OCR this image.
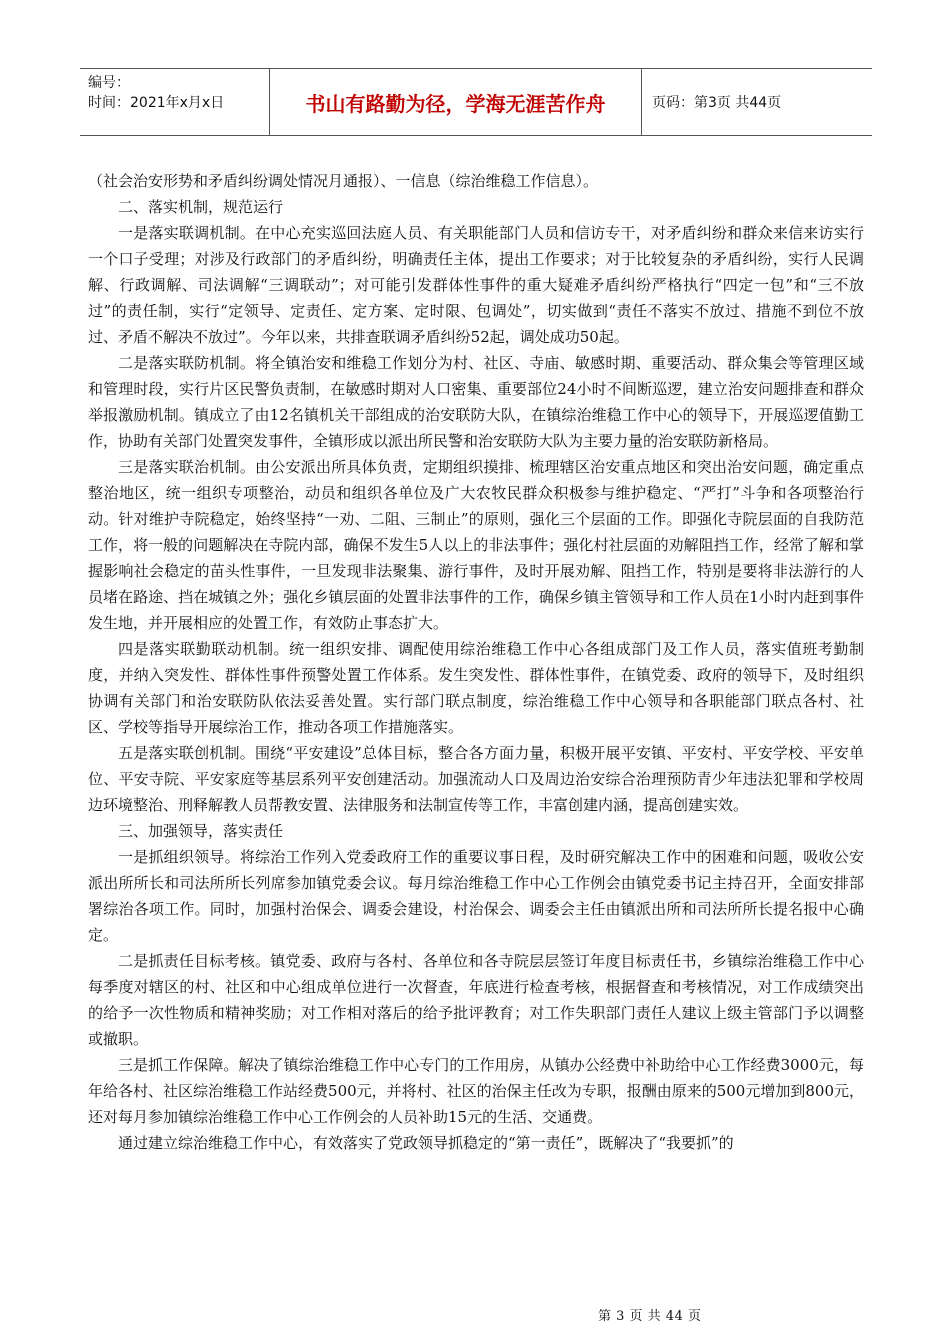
编号：
时间：2021年x月x日	书山有路勤为径，学海无涯苦作舟	页码：第3页 共44页

（社会治安形势和矛盾纠纷调处情况月通报）、一信息（综治维稳工作信息）。

二、落实机制，规范运行

一是落实联调机制。在中心充实巡回法庭人员、有关职能部门人员和信访专干，对矛盾纠纷和群众来信来访实行一个口子受理；对涉及行政部门的矛盾纠纷，明确责任主体，提出工作要求；对于比较复杂的矛盾纠纷，实行人民调解、行政调解、司法调解“三调联动”；对可能引发群体性事件的重大疑难矛盾纠纷严格执行“四定一包”和“三不放过”的责任制，实行“定领导、定责任、定方案、定时限、包调处”，切实做到“责任不落实不放过、措施不到位不放过、矛盾不解决不放过”。今年以来，共排查联调矛盾纠纷52起，调处成功50起。

二是落实联防机制。将全镇治安和维稳工作划分为村、社区、寺庙、敏感时期、重要活动、群众集会等管理区域和管理时段，实行片区民警负责制，在敏感时期对人口密集、重要部位24小时不间断巡逻，建立治安问题排查和群众举报激励机制。镇成立了由12名镇机关干部组成的治安联防大队，在镇综治维稳工作中心的领导下，开展巡逻值勤工作，协助有关部门处置突发事件，全镇形成以派出所民警和治安联防大队为主要力量的治安联防新格局。

三是落实联治机制。由公安派出所具体负责，定期组织摸排、梳理辖区治安重点地区和突出治安问题，确定重点整治地区，统一组织专项整治，动员和组织各单位及广大农牧民群众积极参与维护稳定、“严打”斗争和各项整治行动。针对维护寺院稳定，始终坚持“一劝、二阻、三制止”的原则，强化三个层面的工作。即强化寺院层面的自我防范工作，将一般的问题解决在寺院内部，确保不发生5人以上的非法事件；强化村社层面的劝解阻挡工作，经常了解和掌握影响社会稳定的苗头性事件，一旦发现非法聚集、游行事件，及时开展劝解、阻挡工作，特别是要将非法游行的人员堵在路途、挡在城镇之外；强化乡镇层面的处置非法事件的工作，确保乡镇主管领导和工作人员在1小时内赶到事件发生地，并开展相应的处置工作，有效防止事态扩大。

四是落实联勤联动机制。统一组织安排、调配使用综治维稳工作中心各组成部门及工作人员，落实值班考勤制度，并纳入突发性、群体性事件预警处置工作体系。发生突发性、群体性事件，在镇党委、政府的领导下，及时组织协调有关部门和治安联防队依法妥善处置。实行部门联点制度，综治维稳工作中心领导和各职能部门联点各村、社区、学校等指导开展综治工作，推动各项工作措施落实。

五是落实联创机制。围绕“平安建设”总体目标，整合各方面力量，积极开展平安镇、平安村、平安学校、平安单位、平安寺院、平安家庭等基层系列平安创建活动。加强流动人口及周边治安综合治理预防青少年违法犯罪和学校周边环境整治、刑释解教人员帮教安置、法律服务和法制宣传等工作，丰富创建内涵，提高创建实效。

三、加强领导，落实责任

一是抓组织领导。将综治工作列入党委政府工作的重要议事日程，及时研究解决工作中的困难和问题，吸收公安派出所所长和司法所所长列席参加镇党委会议。每月综治维稳工作中心工作例会由镇党委书记主持召开，全面安排部署综治各项工作。同时，加强村治保会、调委会建设，村治保会、调委会主任由镇派出所和司法所所长提名报中心确定。

二是抓责任目标考核。镇党委、政府与各村、各单位和各寺院层层签订年度目标责任书，乡镇综治维稳工作中心每季度对辖区的村、社区和中心组成单位进行一次督查，年底进行检查考核，根据督查和考核情况，对工作成绩突出的给予一次性物质和精神奖励；对工作相对落后的给予批评教育；对工作失职部门责任人建议上级主管部门予以调整或撤职。

三是抓工作保障。解决了镇综治维稳工作中心专门的工作用房，从镇办公经费中补助给中心工作经费3000元，每年给各村、社区综治维稳工作站经费500元，并将村、社区的治保主任改为专职，报酬由原来的500元增加到800元，还对每月参加镇综治维稳工作中心工作例会的人员补助15元的生活、交通费。

通过建立综治维稳工作中心，有效落实了党政领导抓稳定的“第一责任”，既解决了“我要抓”的

第 3 页 共 44 页
